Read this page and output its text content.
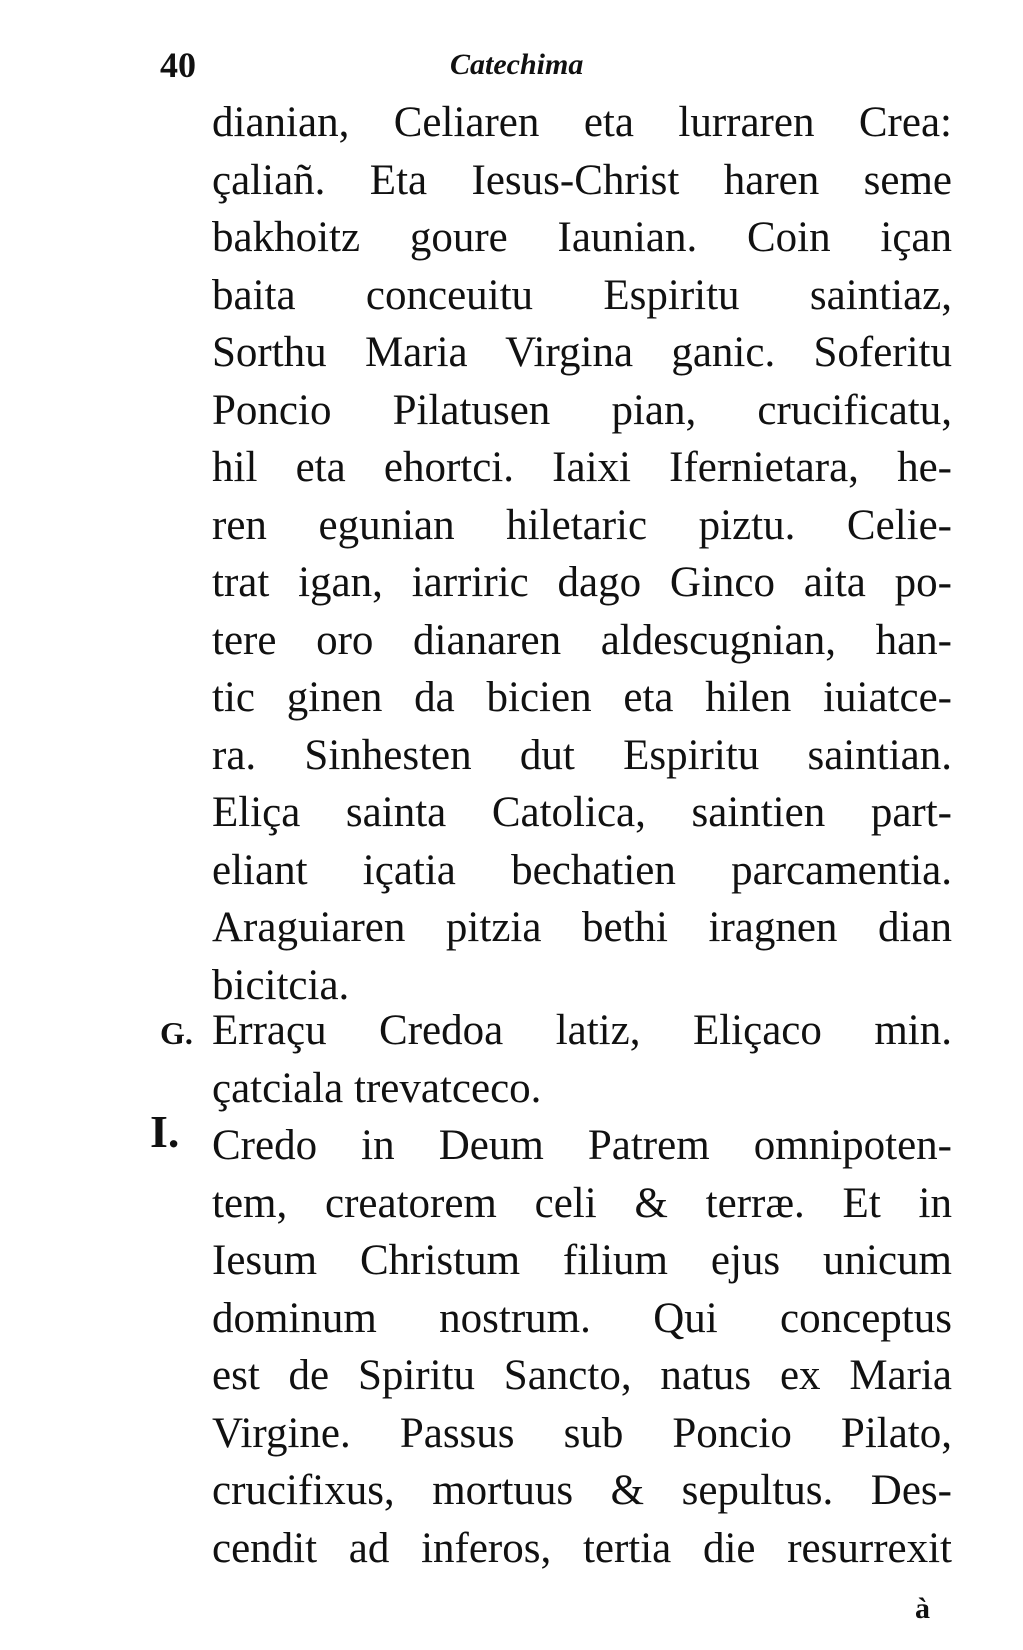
40	Catechima
dianian, Celiaren eta lurraren Crea:
çaliañ. Eta Iesus-Christ haren seme
bakhoitz goure Iaunian. Coin içan
baita conceuitu Espiritu saintiaz,
Sorthu Maria Virgina ganic. Soferitu
Poncio Pilatusen pian, crucificatu,
hil eta ehortci. Iaixi Ifernietara, he-
ren egunian hiletaric piztu. Celie-
trat igan, iarriric dago Ginco aita po-
tere oro dianaren aldescugnian, han-
tic ginen da bicien eta hilen iuiatce-
ra. Sinhesten dut Espiritu saintian.
Eliça sainta Catolica, saintien part-
eliant içatia bechatien parcamentia.
Araguiaren pitzia bethi iragnen dian
bicitcia.
G. Erraçu Credoa latiz, Eliçaco min.
çatciala trevatceco.
I. Credo in Deum Patrem omnipoten-
tem, creatorem celi & terræ. Et in
Iesum Christum filium ejus unicum
dominum nostrum. Qui conceptus
est de Spiritu Sancto, natus ex Maria
Virgine. Passus sub Poncio Pilato,
crucifixus, mortuus & sepultus. Des-
cendit ad inferos, tertia die resurrexit
à
